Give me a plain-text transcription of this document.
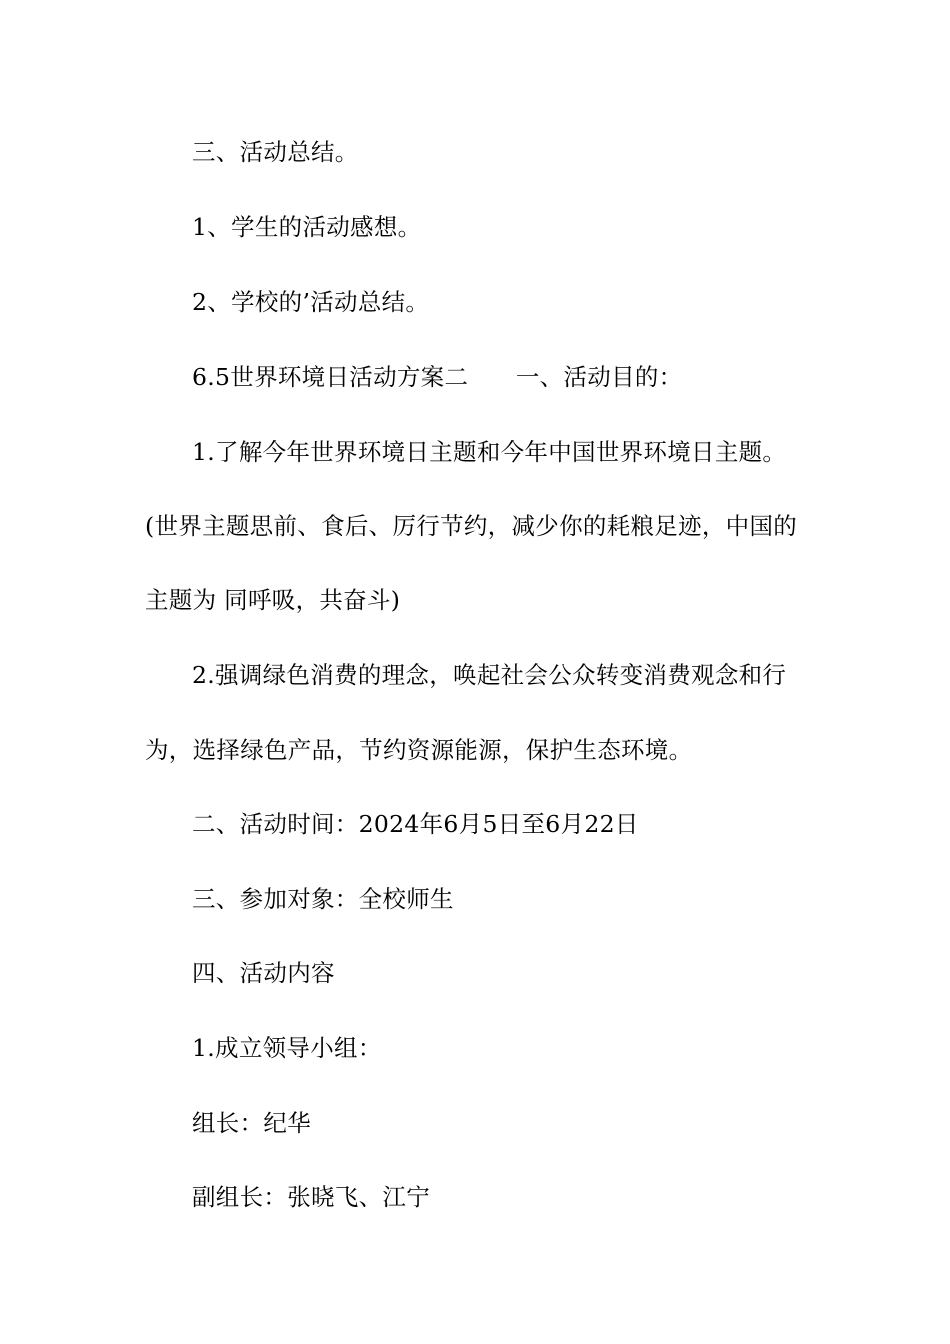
三、活动总结。
1、学生的活动感想。
2、学校的’活动总结。
6.5世界环境日活动方案二　　一、活动目的：
1.了解今年世界环境日主题和今年中国世界环境日主题。
(世界主题思前、食后、厉行节约，减少你的耗粮足迹，中国的
主题为 同呼吸，共奋斗)
2.强调绿色消费的理念，唤起社会公众转变消费观念和行
为，选择绿色产品，节约资源能源，保护生态环境。
二、活动时间：2024年6月5日至6月22日
三、参加对象：全校师生
四、活动内容
1.成立领导小组：
组长：纪华
副组长：张晓飞、江宁
